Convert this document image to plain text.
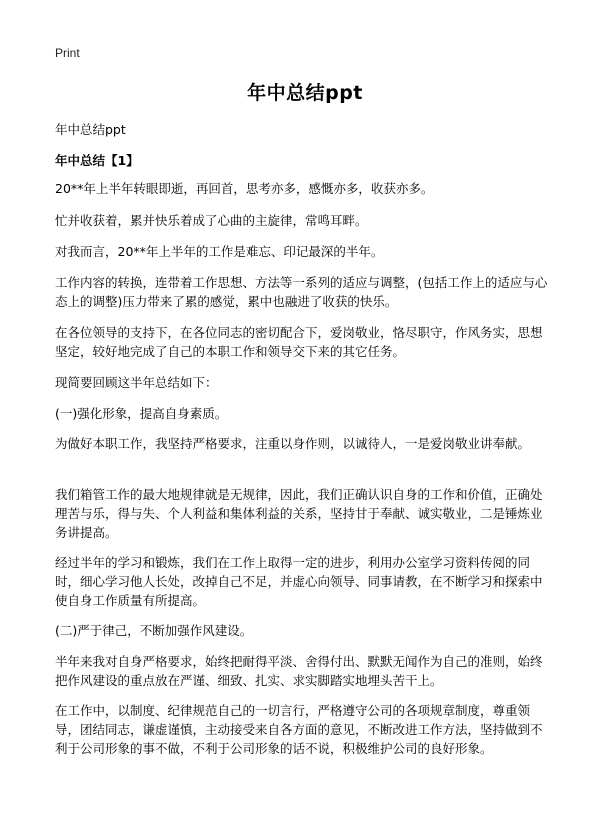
Print
年中总结ppt
年中总结ppt
年中总结【1】

20**年上半年转眼即逝，再回首，思考亦多，感慨亦多，收获亦多。

忙并收获着，累并快乐着成了心曲的主旋律，常鸣耳畔。

对我而言，20**年上半年的工作是难忘、印记最深的半年。

工作内容的转换，连带着工作思想、方法等一系列的适应与调整，(包括工作上的适应与心态上的调整)压力带来了累的感觉，累中也融进了收获的快乐。

在各位领导的支持下，在各位同志的密切配合下，爱岗敬业，恪尽职守，作风务实，思想坚定，较好地完成了自己的本职工作和领导交下来的其它任务。

现简要回顾这半年总结如下：

(一)强化形象，提高自身素质。

为做好本职工作，我坚持严格要求，注重以身作则，以诚待人，一是爱岗敬业讲奉献。

我们箱管工作的最大地规律就是无规律，因此，我们正确认识自身的工作和价值，正确处理苦与乐，得与失、个人利益和集体利益的关系，坚持甘于奉献、诚实敬业，二是锤炼业务讲提高。

经过半年的学习和锻炼，我们在工作上取得一定的进步，利用办公室学习资料传阅的同时，细心学习他人长处，改掉自己不足，并虚心向领导、同事请教，在不断学习和探索中使自身工作质量有所提高。

(二)严于律己，不断加强作风建设。

半年来我对自身严格要求，始终把耐得平淡、舍得付出、默默无闻作为自己的准则，始终把作风建设的重点放在严谨、细致、扎实、求实脚踏实地埋头苦干上。

在工作中，以制度、纪律规范自己的一切言行，严格遵守公司的各项规章制度，尊重领导，团结同志，谦虚谨慎，主动接受来自各方面的意见，不断改进工作方法，坚持做到不利于公司形象的事不做，不利于公司形象的话不说，积极维护公司的良好形象。
